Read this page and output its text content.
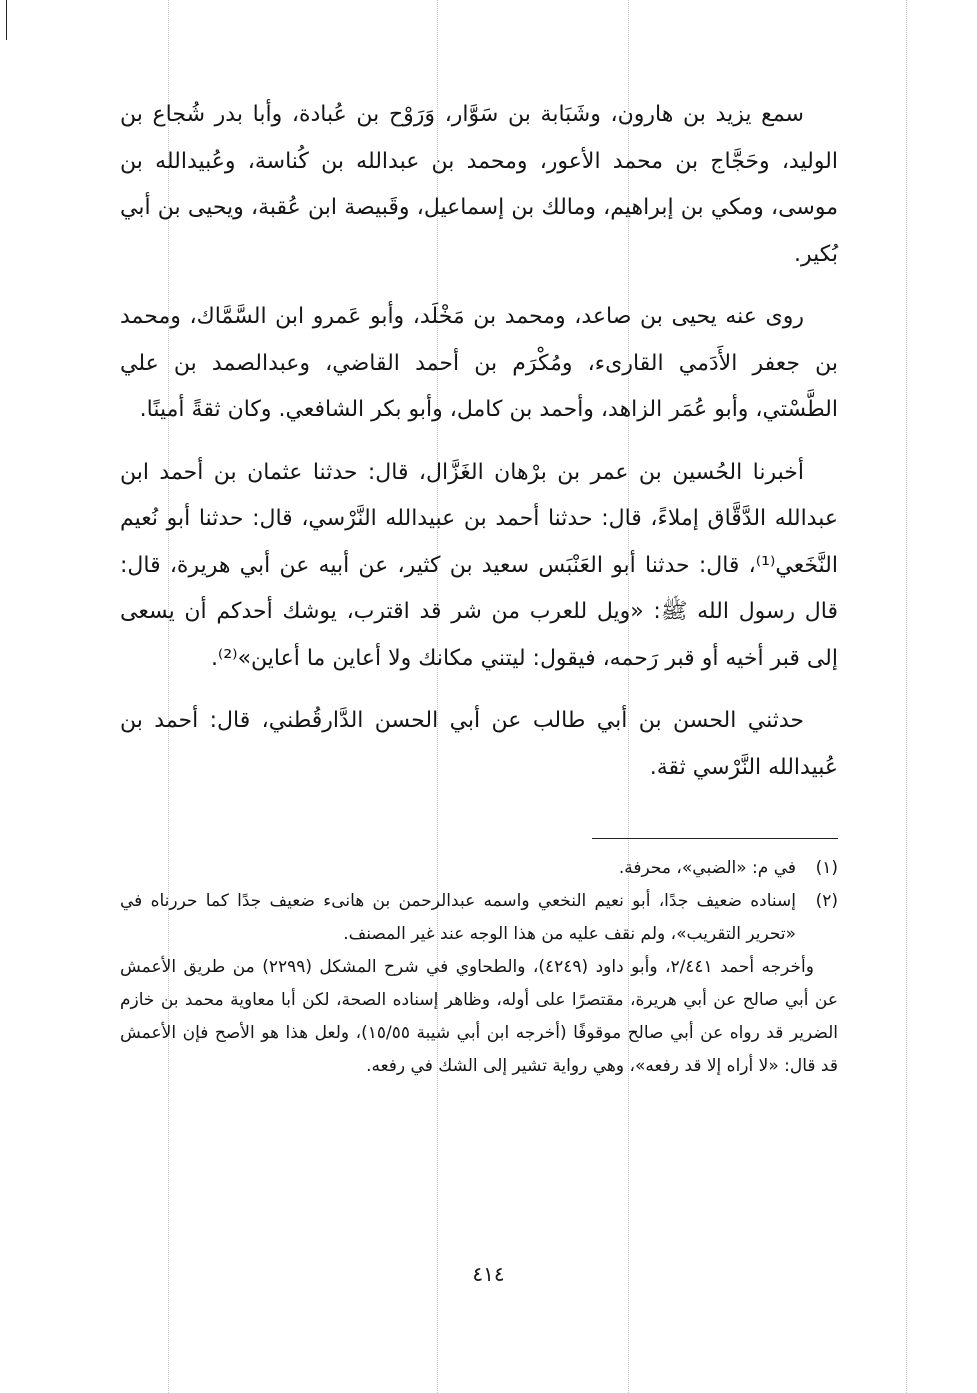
سمع يزيد بن هارون، وشَبَابة بن سَوَّار، وَرَوْح بن عُبادة، وأبا بدر شُجاع بن الوليد، وحَجَّاج بن محمد الأعور، ومحمد بن عبدالله بن كُناسة، وعُبيدالله بن موسى، ومكي بن إبراهيم، ومالك بن إسماعيل، وقَبيصة ابن عُقبة، ويحيى بن أبي بُكير.

روى عنه يحيى بن صاعد، ومحمد بن مَخْلَد، وأبو عَمرو ابن السَّمَّاك، ومحمد بن جعفر الأَدَمي القارىء، ومُكْرَم بن أحمد القاضي، وعبدالصمد بن علي الطَّسْتي، وأبو عُمَر الزاهد، وأحمد بن كامل، وأبو بكر الشافعي. وكان ثقةً أمينًا.

أخبرنا الحُسين بن عمر بن برْهان الغَزَّال، قال: حدثنا عثمان بن أحمد ابن عبدالله الدَّقَّاق إملاءً، قال: حدثنا أحمد بن عبيدالله النَّرْسي، قال: حدثنا أبو نُعيم النَّخَعي⁽¹⁾، قال: حدثنا أبو العَنْبَس سعيد بن كثير، عن أبيه عن أبي هريرة، قال: قال رسول الله ﷺ: «ويل للعرب من شر قد اقترب، يوشك أحدكم أن يسعى إلى قبر أخيه أو قبر رَحمه، فيقول: ليتني مكانك ولا أعاين ما أعاين»⁽²⁾.

حدثني الحسن بن أبي طالب عن أبي الحسن الدَّارقُطني، قال: أحمد بن عُبيدالله النَّرْسي ثقة.

(١)
في م: «الضبي»، محرفة.
(٢)
إسناده ضعيف جدًا، أبو نعيم النخعي واسمه عبدالرحمن بن هانىء ضعيف جدًا كما حررناه في «تحرير التقريب»، ولم نقف عليه من هذا الوجه عند غير المصنف.

وأخرجه أحمد ٢/٤٤١، وأبو داود (٤٢٤٩)، والطحاوي في شرح المشكل (٢٢٩٩) من طريق الأعمش عن أبي صالح عن أبي هريرة، مقتصرًا على أوله، وظاهر إسناده الصحة، لكن أبا معاوية محمد بن خازم الضرير قد رواه عن أبي صالح موقوفًا (أخرجه ابن أبي شيبة ١٥/٥٥)، ولعل هذا هو الأصح فإن الأعمش قد قال: «لا أراه إلا قد رفعه»، وهي رواية تشير إلى الشك في رفعه.

٤١٤
